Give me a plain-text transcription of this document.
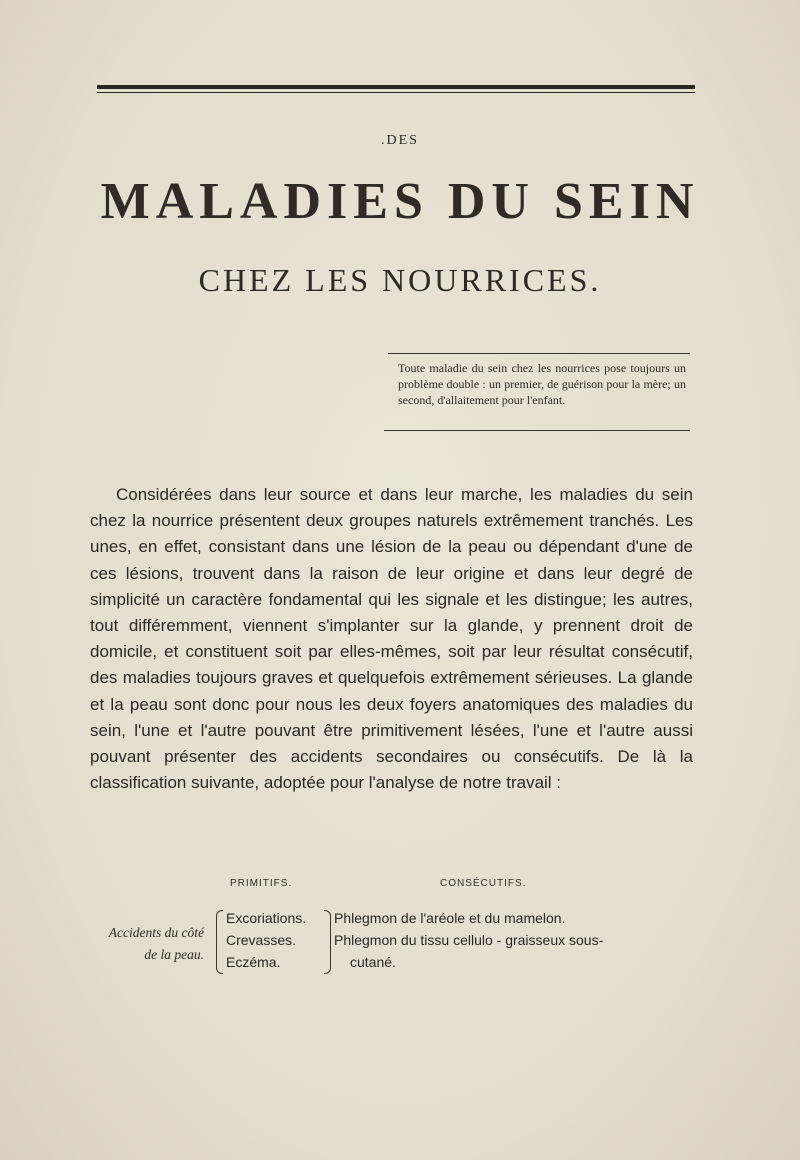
.DES
MALADIES DU SEIN
CHEZ LES NOURRICES.
Toute maladie du sein chez les nourrices pose toujours un problème double : un premier, de guérison pour la mère; un second, d'allaitement pour l'enfant.

Considérées dans leur source et dans leur marche, les maladies du sein chez la nourrice présentent deux groupes naturels extrêmement tranchés. Les unes, en effet, consistant dans une lésion de la peau ou dépendant d'une de ces lésions, trouvent dans la raison de leur origine et dans leur degré de simplicité un caractère fondamental qui les signale et les distingue; les autres, tout différemment, viennent s'implanter sur la glande, y prennent droit de domicile, et constituent soit par elles-mêmes, soit par leur résultat consécutif, des maladies toujours graves et quelquefois extrêmement sérieuses. La glande et la peau sont donc pour nous les deux foyers anatomiques des maladies du sein, l'une et l'autre pouvant être primitivement lésées, l'une et l'autre aussi pouvant présenter des accidents secondaires ou consécutifs. De là la classification suivante, adoptée pour l'analyse de notre travail :

PRIMITIFS.	CONSÉCUTIFS.
Accidents du côté
de la peau.
Excoriations.
Crevasses.
Eczéma.
Phlegmon de l'aréole et du mamelon.
Phlegmon du tissu cellulo - graisseux sous-
cutané.
